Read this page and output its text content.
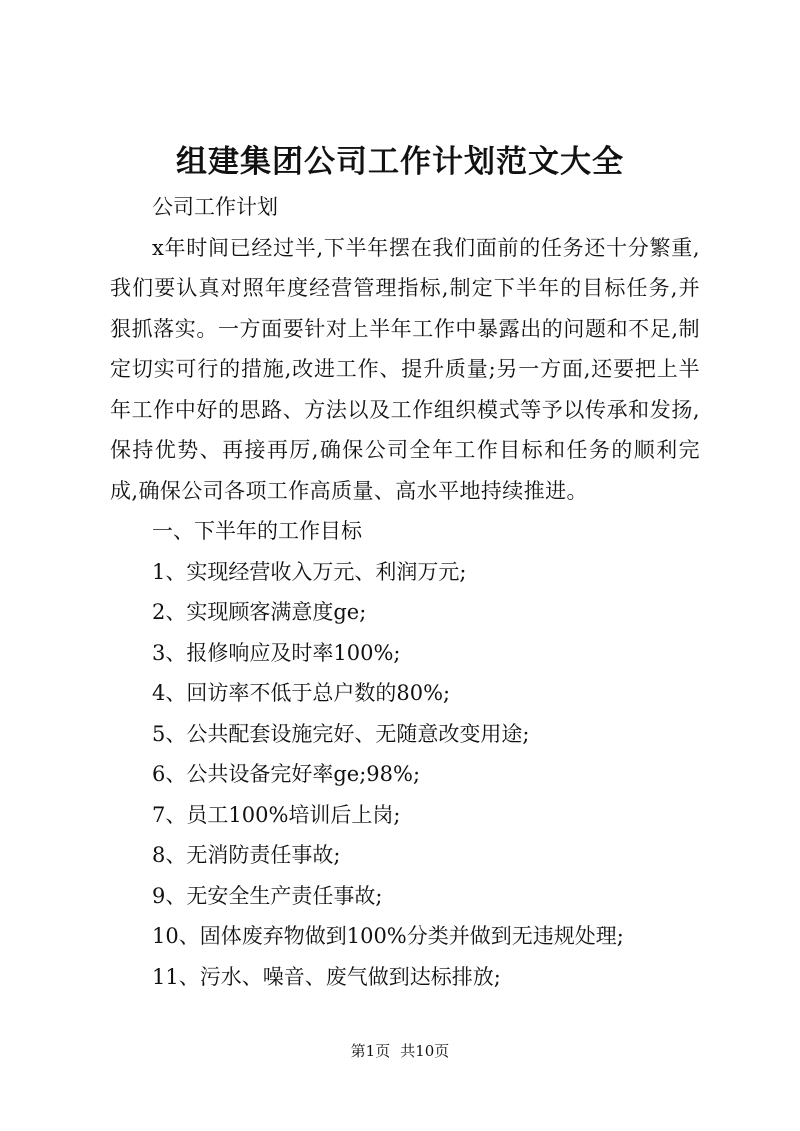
组建集团公司工作计划范文大全

公司工作计划

x年时间已经过半,下半年摆在我们面前的任务还十分繁重,我们要认真对照年度经营管理指标,制定下半年的目标任务,并狠抓落实。一方面要针对上半年工作中暴露出的问题和不足,制定切实可行的措施,改进工作、提升质量;另一方面,还要把上半年工作中好的思路、方法以及工作组织模式等予以传承和发扬,保持优势、再接再厉,确保公司全年工作目标和任务的顺利完成,确保公司各项工作高质量、高水平地持续推进。

一、下半年的工作目标

1、实现经营收入万元、利润万元;

2、实现顾客满意度ge;

3、报修响应及时率100%;

4、回访率不低于总户数的80%;

5、公共配套设施完好、无随意改变用途;

6、公共设备完好率ge;98%;

7、员工100%培训后上岗;

8、无消防责任事故;

9、无安全生产责任事故;

10、固体废弃物做到100%分类并做到无违规处理;

11、污水、噪音、废气做到达标排放;

第1页 共10页
